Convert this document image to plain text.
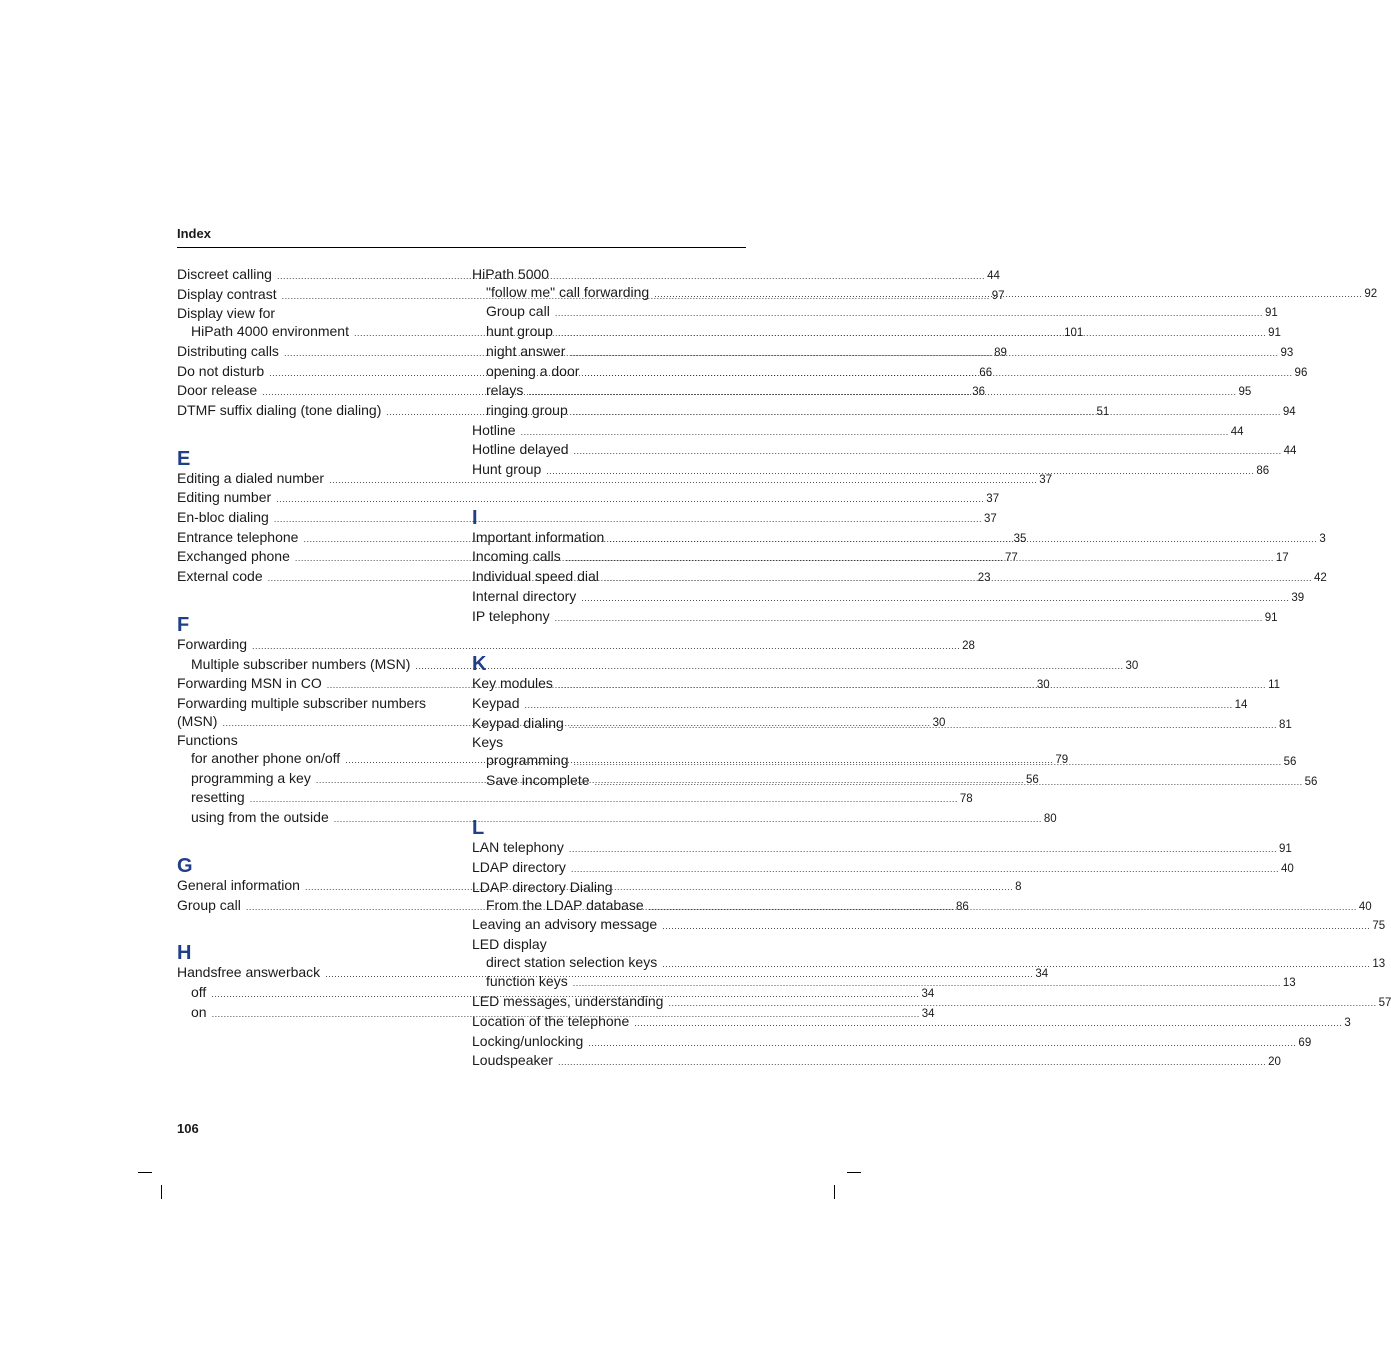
Index
Discreet calling .....	44
Display contrast .....	97
Display view for
HiPath 4000 environment .....	101
Distributing calls .....	89
Do not disturb .....	66
Door release .....	36
DTMF suffix dialing (tone dialing) .....	51
E
Editing a dialed number .....	37
Editing number .....	37
En-bloc dialing .....	37
Entrance telephone .....	35
Exchanged phone .....	77
External code .....	23
F
Forwarding .....	28
Multiple subscriber numbers (MSN) .....	30
Forwarding MSN in CO .....	30
Forwarding multiple subscriber numbers
(MSN) .....	30
Functions
for another phone on/off .....	79
programming a key .....	56
resetting .....	78
using from the outside .....	80
G
General information .....	8
Group call .....	86
H
Handsfree answerback .....	34
off .....	34
on .....	34
HiPath 5000
"follow me" call forwarding .....	92
Group call .....	91
hunt group .....	91
night answer .....	93
opening a door .....	96
relays .....	95
ringing group .....	94
Hotline .....	44
Hotline delayed .....	44
Hunt group .....	86
I
Important information .....	3
Incoming calls .....	17
Individual speed dial .....	42
Internal directory .....	39
IP telephony .....	91
K
Key modules .....	11
Keypad .....	14
Keypad dialing .....	81
Keys
programming .....	56
Save incomplete .....	56
L
LAN telephony .....	91
LDAP directory .....	40
LDAP directory Dialing
From the LDAP database .....	40
Leaving an advisory message .....	75
LED display
direct station selection keys .....	13
function keys .....	13
LED messages, understanding .....	57
Location of the telephone .....	3
Locking/unlocking .....	69
Loudspeaker .....	20
106
